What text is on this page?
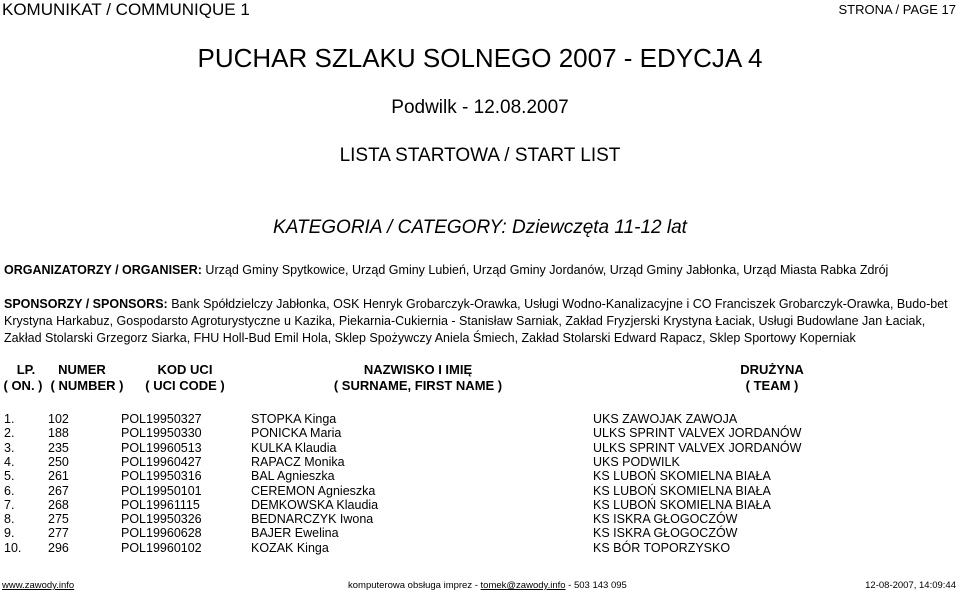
KOMUNIKAT / COMMUNIQUE 1	STRONA / PAGE 17
PUCHAR SZLAKU SOLNEGO 2007 - EDYCJA 4
Podwilk - 12.08.2007
LISTA STARTOWA / START LIST
KATEGORIA / CATEGORY: Dziewczęta 11-12 lat
ORGANIZATORZY / ORGANISER: Urząd Gminy Spytkowice, Urząd Gminy Lubień, Urząd Gminy Jordanów, Urząd Gminy Jabłonka, Urząd Miasta Rabka Zdrój
SPONSORZY / SPONSORS: Bank Spółdzielczy Jabłonka, OSK Henryk Grobarczyk-Orawka, Usługi Wodno-Kanalizacyjne i CO Franciszek Grobarczyk-Orawka, Budo-bet Krystyna Harkabuz, Gospodarsto Agroturystyczne u Kazika, Piekarnia-Cukiernia - Stanisław Sarniak, Zakład Fryzjerski Krystyna Łaciak, Usługi Budowlane Jan Łaciak, Zakład Stolarski Grzegorz Siarka, FHU Holl-Bud Emil Hola, Sklep Spożywczy Aniela Śmiech, Zakład Stolarski Edward Rapacz, Sklep Sportowy Koperniak
LP.
( ON. )
NUMER
( NUMBER )
KOD UCI
( UCI CODE )
NAZWISKO I IMIĘ
( SURNAME, FIRST NAME )
DRUŻYNA
( TEAM )
1.	102	POL19950327	STOPKA Kinga	UKS ZAWOJAK ZAWOJA
2.	188	POL19950330	PONICKA Maria	ULKS SPRINT VALVEX JORDANÓW
3.	235	POL19960513	KULKA Klaudia	ULKS SPRINT VALVEX JORDANÓW
4.	250	POL19960427	RAPACZ Monika	UKS PODWILK
5.	261	POL19950316	BAL Agnieszka	KS LUBOŃ SKOMIELNA BIAŁA
6.	267	POL19950101	CEREMON Agnieszka	KS LUBOŃ SKOMIELNA BIAŁA
7.	268	POL19961115	DEMKOWSKA Klaudia	KS LUBOŃ SKOMIELNA BIAŁA
8.	275	POL19950326	BEDNARCZYK Iwona	KS ISKRA GŁOGOCZÓW
9.	277	POL19960628	BAJER Ewelina	KS ISKRA GŁOGOCZÓW
10. 296	POL19960102	KOZAK Kinga	KS BÓR TOPORZYSKO
www.zawody.info	komputerowa obsługa imprez - tomek@zawody.info - 503 143 095	12-08-2007, 14:09:44
